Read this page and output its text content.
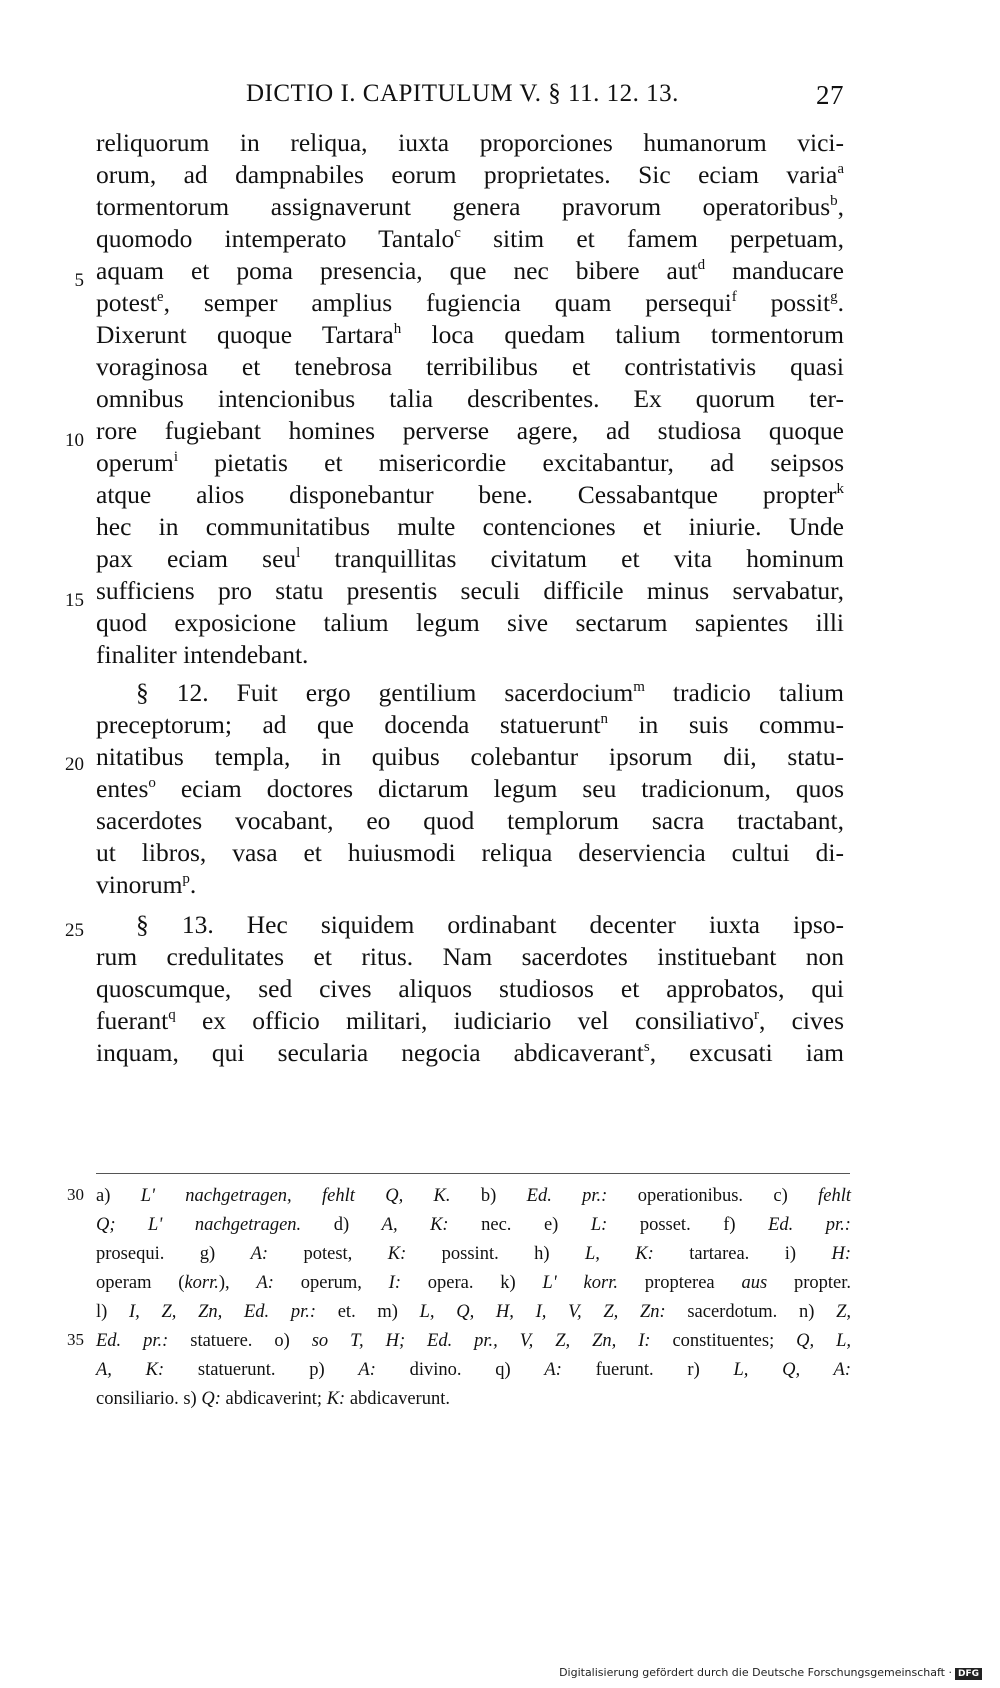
DICTIO I. CAPITULUM V. § 11. 12. 13.	27
5
10
15
20
25
reliquorum in reliqua, iuxta proporciones humanorum vici-
orum, ad dampnabiles eorum proprietates. Sic eciam varia$^a$
tormentorum assignaverunt genera pravorum operatoribus$^b$,
quomodo intemperato Tantalo$^c$ sitim et famem perpetuam,
aquam et poma presencia, que nec bibere aut$^d$ manducare
potest$^e$, semper amplius fugiencia quam persequi$^f$ possit$^g$.
Dixerunt quoque Tartara$^h$ loca quedam talium tormentorum
voraginosa et tenebrosa terribilibus et contristativis quasi
omnibus intencionibus talia describentes. Ex quorum ter-
rore fugiebant homines perverse agere, ad studiosa quoque
operum$^i$ pietatis et misericordie excitabantur, ad seipsos
atque alios disponebantur bene. Cessabantque propter$^k$
hec in communitatibus multe contenciones et iniurie. Unde
pax eciam seu$^l$ tranquillitas civitatum et vita hominum
sufficiens pro statu presentis seculi difficile minus servabatur,
quod exposicione talium legum sive sectarum sapientes illi
finaliter intendebant.
§ 12. Fuit ergo gentilium sacerdocium$^m$ tradicio talium
preceptorum; ad que docenda statuerunt$^n$ in suis commu-
nitatibus templa, in quibus colebantur ipsorum dii, statu-
entes$^o$ eciam doctores dictarum legum seu tradicionum, quos
sacerdotes vocabant, eo quod templorum sacra tractabant,
ut libros, vasa et huiusmodi reliqua deserviencia cultui di-
vinorum$^p$.
§ 13. Hec siquidem ordinabant decenter iuxta ipso-
rum credulitates et ritus. Nam sacerdotes instituebant non
quoscumque, sed cives aliquos studiosos et approbatos, qui
fuerant$^q$ ex officio militari, iudiciario vel consiliativo$^r$, cives
inquam, qui secularia negocia abdicaverant$^s$, excusati iam
30
35
a) L' nachgetragen, fehlt Q, K. b) Ed. pr.: operationibus. c) fehlt
Q; L' nachgetragen. d) A, K: nec. e) L: posset. f) Ed. pr.:
prosequi. g) A: potest, K: possint. h) L, K: tartarea. i) H:
operam (korr.), A: operum, I: opera. k) L' korr. propterea aus propter.
l) I, Z, Zn, Ed. pr.: et. m) L, Q, H, I, V, Z, Zn: sacerdotum. n) Z,
Ed. pr.: statuere. o) so T, H; Ed. pr., V, Z, Zn, I: constituentes; Q, L,
A, K: statuerunt. p) A: divino. q) A: fuerunt. r) L, Q, A:
consiliario. s) Q: abdicaverint; K: abdicaverunt.
Digitalisierung gefördert durch die Deutsche Forschungsgemeinschaft · DFG
